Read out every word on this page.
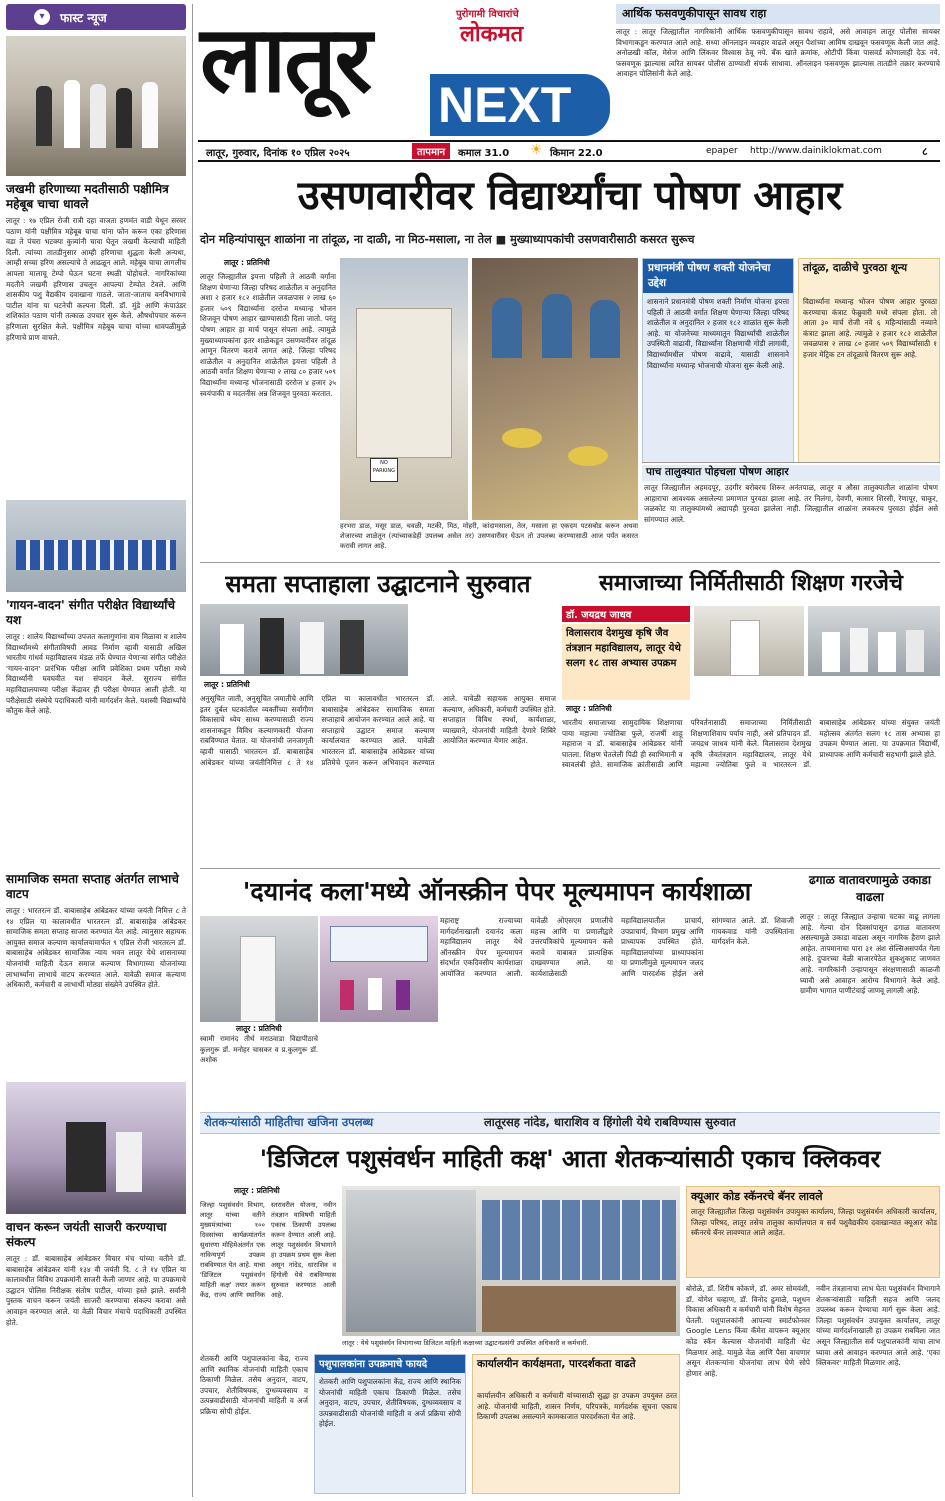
▾	फास्ट न्यूज
जखमी हरिणाच्या मदतीसाठी पक्षीमित्र महेबूब चाचा धावले
लातूर : १७ एप्रिल रोजी रात्री दहा वाजता हणमंत वाडी येथून सरवर पठाण यांनी पक्षीमित्र महेबूब चाचा यांना फोन करून एका हरिणास वडा ते पंचरा भटक्या कुत्र्यांनी चावा घेतून जखमी केल्याची माहिती दिली. त्यांच्या तातडीनुसार आम्ही हरिणाचा शुद्धता केली अन्यथा, आम्ही सच्चा हरिण असल्याचे ते आढळून आले. महेबूब चाचा लागलीच आपला मालाचू टेम्पो घेऊन घटना स्थळी पोहोचले. नागरिकांच्या मदतीने जखमी हरिणास उचलून आपल्या टेम्पोत टेवले. आणि शासकीय पशु वैद्यकीय दवाखाना गाठले. जाता-जाताच वनविभागाचे पाटील यांना या घटनेची कल्पना दिली. डॉ. मुंडे आणि कंपाउंडर शशिकांत पठाण यांनी तत्काळ उपचार सुरू केले. औषधोपचार करून हरिणाला सुरक्षित केले. पक्षीमित्र महेबूब चाचा यांच्या धावपळीमुळे हरिणाचे प्राण वाचले.
'गायन-वादन' संगीत परीक्षेत विद्यार्थ्यांचे यश
लातूर : शालेय विद्यार्थ्यांच्या उपजत कलागुणांना वाव मिळावा व शालेय विद्यार्थ्यांमध्ये संगीताविषयी आवड निर्माण व्हावी यासाठी अखिल भारतीय गांधर्व महाविद्यालय मंडळ तर्फे घेण्यात येणाऱ्या संगीत परीक्षेत 'गायन-वादन' प्रारंभिक परीक्षा आणि प्रवेशिका प्रथम परीक्षा मध्ये विद्यार्थ्यांनी घवघवीत यश संपादन केले. सुराज्य संगीत महाविद्यालयाच्या परीक्षा केंद्रावर ही परीक्षा घेण्यात आली होती. या परीक्षेसाठी संस्थेचे पदाधिकारी यांनी मार्गदर्शन केले. यशस्वी विद्यार्थ्यांचे कौतुक केले आहे.
सामाजिक समता सप्ताह अंतर्गत लाभाचे वाटप
लातूर : भारतरत्न डॉ. बाबासाहेब आंबेडकर यांच्या जयंती निमित्त ८ ते १४ एप्रिल या कालावधीत भारतरत्न डॉ. बाबासाहेब आंबेडकर सामाजिक समता सप्ताह साजरा करण्यात येत आहे. त्यानुसार सहायक आयुक्त समाज कल्याण कार्यालयामार्फत ९ एप्रिल रोजी भारतरत्न डॉ. बाबासाहेब आंबेडकर सामाजिक न्याय भवन लातूर येथे शासनाच्या योजनांची माहिती देऊन समाज कल्याण विभागाच्या योजनांच्या लाभार्थ्यांना लाभाचे वाटप करण्यात आले. यावेळी समाज कल्याण अधिकारी, कर्मचारी व लाभार्थी मोठ्या संख्येने उपस्थित होते.
वाचन करून जयंती साजरी करण्याचा संकल्प
लातूर : डॉ. बाबासाहेब आंबेडकर विचार मंच यांच्या वतीने डॉ. बाबासाहेब आंबेडकर यांनी १३४ वी जयंती दि. ८ ते १४ एप्रिल या कालावधीत विविध उपक्रमांनी साजरी केली जाणार आहे. या उपक्रमाचे उद्घाटन पोलिस निरीक्षक संतोष पाटील, यांच्या हस्ते झाले. सर्वांनी पुस्तक वाचन करून जयंती साजरी करण्याचा संकल्प करावा असे आवाहन करण्यात आले. या वेळी विचार मंचाचे पदाधिकारी उपस्थित होते.
लातूर	पुरोगामी विचारांचे
लोकमत
NEXT
लातूर, गुरुवार, दिनांक १० एप्रिल २०२५	तापमान	कमाल 31.0 ☀ किमान 22.0	epaper http://www.dainiklokmat.com	८
आर्थिक फसवणुकीपासून सावध राहा
लातूर : लातूर जिल्ह्यातील नागरिकांनी आर्थिक फसवणुकीपासून सावध राहावे, असे आवाहन लातूर पोलीस सायबर विभागाकडून करण्यात आले आहे. सध्या ऑनलाइन व्यवहार वाढले असून पैशांच्या आमिष दाखवून फसवणूक केली जात आहे. अनोळखी कॉल, मेसेज आणि लिंकवर विश्वास ठेवू नये. बँक खाते क्रमांक, ओटीपी किंवा पासवर्ड कोणालाही देऊ नये. फसवणूक झाल्यास त्वरित सायबर पोलीस ठाण्याशी संपर्क साधावा. ऑनलाइन फसवणूक झाल्यास तातडीने तक्रार करण्याचे आवाहन पोलिसांनी केले आहे.
उसणवारीवर विद्यार्थ्यांचा पोषण आहार
दोन महिन्यांपासून शाळांना ना तांदूळ, ना दाळी, ना मिठ-मसाला, ना तेल ■ मुख्याध्यापकांची उसणवारीसाठी कसरत सुरूच
लातूर : प्रतिनिधी
लातूर जिल्ह्यातील इयत्ता पहिली ते आठवी वर्गांना शिक्षण घेणाऱ्या जिल्हा परिषद शाळेतील व अनुदानित अशा २ हजार १८२ शाळेतील जवळपास २ लाख ६० हजार ५०९ विद्यार्थ्यांना दररोज मध्यान्ह भोजन शिजवून पोषण आहार खाण्यासाठी दिला जातो. परंतु पोषण आहार हा मार्च पासून संपला आहे. त्यामुळे मुख्याध्यापकांना इतर शाळेकडून उसणवारीवर तांदूळ आणून वितरण करावे लागत आहे. जिल्हा परिषद शाळेतील व अनुदानित शाळेतील इयत्ता पहिली ते आठवी वर्गात शिक्षण घेणाऱ्या २ लाख ८० हजार ५०९ विद्यार्थ्यांना मध्यान्ह भोजनासाठी दररोज ४ हजार ३५ स्वयंपाकी व मदतनीस अन्न शिजवून पुरवठा करतात.
NO
PARKING
हरभरा डाळ, मसूर डाळ, चवळी, मटकी, मिठ, मोहरी, कांदामसाला, तेल, मसाला हा एकदम पटसबोड करून अथवा शेजारच्या शाळेतून (त्यांच्याकडेही उपलब्ध असेल तर) उसणवारीवर घेऊन तो उपलब्ध करण्यासाठी आज पर्यंत कसरत करावी लागत आहे.
प्रधानमंत्री पोषण शक्ती योजनेचा उद्देश
शासनाने प्रधानमंत्री पोषण शक्ती निर्माण योजना इयत्ता पहिली ते आठवी वर्गात शिक्षण घेणाऱ्या जिल्हा परिषद शाळेतील व अनुदानित २ हजार १८२ शाळांत सुरू केली आहे. या योजनेच्या माध्यमातून विद्यार्थ्यांची शाळेतील उपस्थिती वाढावी, विद्यार्थ्यांना शिक्षणाची गोडी लागावी, विद्यार्थ्यांमधील पोषण वाढावे, यासाठी शासनाने विद्यार्थ्यांना मध्यान्ह भोजनाची योजना सुरू केली आहे.
तांदूळ, दाळीचे पुरवठा शून्य
विद्यार्थ्यांना मध्यान्ह भोजन पोषण आहार पुरवठा करण्याचा कंत्राट फेब्रुवारी मध्ये संपला होता. तो आता ३० मार्च रोजी नवे ६ महिन्यांसाठी नव्याने कंत्राट झाला आहे. त्यामुळे २ हजार १८२ शाळेतील जवळपास २ लाख ८० हजार ५०९ विद्यार्थ्यांसाठी १ हजार मेट्रिक टन तांदूळाचे वितरण सुरू आहे.
पाच तालुक्यात पोहचला पोषण आहार
लातूर जिल्ह्यातील अहमदपूर, उदगीर बरोबरच शिरूर अनंतपाळ, लातूर व औसा तालुक्यातील शाळांना पोषण आहाराचा आवश्यक असलेल्या प्रमाणात पुरवठा झाला आहे. तर निलंगा, देवणी, कासार शिरसी, रेणापूर, चाकूर, जळकोट या तालुक्यांमध्ये अद्यापही पुरवठा झालेला नाही. जिल्ह्यातील शाळांना लवकरच पुरवठा होईल असे सांगण्यात आले.
समता सप्ताहाला उद्घाटनाने सुरुवात
लातूर : प्रतिनिधी
अनुसूचित जाती, अनुसूचित जमातीचे आणि इतर दुर्बल घटकांतील व्यक्तींच्या सर्वांगीण विकासाचे ध्येय साध्य करण्यासाठी राज्य शासनाकडून विविध कल्याणकारी योजना राबविण्यात येतात. या योजनांची जनजागृती व्हावी यासाठी भारतरत्न डॉ. बाबासाहेब आंबेडकर यांच्या जयंतीनिमित्त ८ ते १४ एप्रिल या कालावधीत भारतरत्न डॉ. बाबासाहेब आंबेडकर सामाजिक समता सप्ताहाचे आयोजन करण्यात आले आहे. या सप्ताहाचे उद्घाटन समाज कल्याण कार्यालयात करण्यात आले. यावेळी भारतरत्न डॉ. बाबासाहेब आंबेडकर यांच्या प्रतिमेचे पूजन करून अभिवादन करण्यात आले. यावेळी सहायक आयुक्त समाज कल्याण, अधिकारी, कर्मचारी उपस्थित होते. सप्ताहात विविध स्पर्धा, कार्यशाळा, व्याख्याने, योजनांची माहिती देणारे शिबिरे आयोजित करण्यात येणार आहेत.
समाजाच्या निर्मितीसाठी शिक्षण गरजेचे
डॉ. जयद्रथ जाधव
विलासराव देशमुख कृषि जैव तंत्रज्ञान महाविद्यालय, लातूर येथे सलग १८ तास अभ्यास उपक्रम
लातूर : प्रतिनिधी
भारतीय समाजाच्या सामुदायिक शिक्षणाचा पाया महात्मा ज्योतिबा फुले, राजर्षी शाहू महाराज व डॉ. बाबासाहेब आंबेडकर यांनी घातला. शिक्षण घेतलेली पिढी ही स्वाभिमानी व स्वावलंबी होते. सामाजिक क्रांतीसाठी आणि परिवर्तनासाठी समाजाच्या निर्मितीसाठी शिक्षणाशिवाय पर्याय नाही, असे प्रतिपादन डॉ. जयद्रथ जाधव यांनी केले. विलासराव देशमुख कृषि जैवतंत्रज्ञान महाविद्यालय, लातूर येथे महात्मा ज्योतिबा फुले व भारतरत्न डॉ. बाबासाहेब आंबेडकर यांच्या संयुक्त जयंती महोत्सव अंतर्गत सलग १८ तास अभ्यास हा उपक्रम घेण्यात आला. या उपक्रमात विद्यार्थी, प्राध्यापक आणि कर्मचारी सहभागी झाले होते.
'दयानंद कला'मध्ये ऑनस्क्रीन पेपर मूल्यमापन कार्यशाळा
लातूर : प्रतिनिधी
स्वामी रामानंद तीर्थ मराठवाडा विद्यापीठाचे कुलगुरू डॉ. मनोहर चासकर व प्र.कुलगुरू डॉ. अशोक
महाराष्ट्र राज्याच्या मार्गदर्शनाखाली दयानंद कला महाविद्यालय लातूर येथे ऑनस्क्रीन पेपर मूल्यमापन संदर्भात एकदिवसीय कार्यशाळा आयोजित करण्यात आली. यावेळी ओएसएम प्रणालीचे महत्त्व आणि या प्रणालीद्वारे उत्तरपत्रिकांचे मूल्यमापन कसे करावे याबाबत प्रात्यक्षिक दाखवण्यात आले. या कार्यशाळेसाठी महाविद्यालयातील प्राचार्य, उपप्राचार्य, विभाग प्रमुख आणि प्राध्यापक उपस्थित होते. महाविद्यालयांच्या प्राध्यापकांना या प्रणालीमुळे मूल्यमापन जलद आणि पारदर्शक होईल असे सांगण्यात आले. डॉ. शिवाजी गायकवाड यांनी उपस्थितांना मार्गदर्शन केले.
ढगाळ वातावरणामुळे उकाडा वाढला
लातूर : लातूर जिल्ह्यात उन्हाचा चटका वाढू लागला आहे. गेल्या दोन दिवसांपासून ढगाळ वातावरण असल्यामुळे उकाडा वाढला असून नागरिक हैराण झाले आहेत. तापमानाचा पारा ३१ अंश सेल्सिअसपर्यंत गेला आहे. दुपारच्या वेळी बाजारपेठेत शुकशुकाट जाणवत आहे. नागरिकांनी उन्हापासून संरक्षणासाठी काळजी घ्यावी असे आवाहन आरोग्य विभागाने केले आहे. ग्रामीण भागात पाणीटंचाई जाणवू लागली आहे.
शेतकऱ्यांसाठी माहितीचा खजिना उपलब्ध	लातूरसह नांदेड, धाराशिव व हिंगोली येथे राबविण्यास सुरुवात
'डिजिटल पशुसंवर्धन माहिती कक्ष' आता शेतकऱ्यांसाठी एकाच क्लिकवर
लातूर : प्रतिनिधी
जिल्हा पशुसंवर्धन विभाग, लातूर यांच्या वतीने मुख्यमंत्र्यांच्या १०० दिवसांच्या कार्यक्रमांतर्गत सुधारणा मोहिमेअंतर्गत एक नाविन्यपूर्ण उपक्रम राबविण्यात येत आहे. याचा 'डिजिटल पशुसंवर्धन माहिती कक्ष' तयार करून केंद्र, राज्य आणि स्थानिक स्तरावरील योजना, नवीन तंत्रज्ञान याविषयी माहिती एकाच ठिकाणी उपलब्ध करून देण्यात आली आहे. लातूर पशुसंवर्धन विभागाने हा उपक्रम प्रथम सुरू केला असून नांदेड, धाराशिव व हिंगोली येथे राबविण्यास सुरुवात करण्यात आली आहे.
लातूर : येथे पशुसंवर्धन विभागाच्या डिजिटल माहिती कक्षाच्या उद्घाटनप्रसंगी उपस्थित अधिकारी व कर्मचारी.
पशुपालकांना उपक्रमाचे फायदे
शेतकरी आणि पशुपालकांना केंद्र, राज्य आणि स्थानिक योजनांची माहिती एकाच ठिकाणी मिळेल. तसेच अनुदान, वाटप, उपचार, शेतीविषयक, दुग्धव्यवसाय व उत्पन्नवाढीसाठी योजनांची माहिती व अर्ज प्रक्रिया सोपी होईल.
कार्यालयीन कार्यक्षमता, पारदर्शकता वाढते
कार्यालयीन अधिकारी व कर्मचारी यांच्यासाठी सुद्धा हा उपक्रम उपयुक्त ठरत आहे. योजनांची माहिती, शासन निर्णय, परिपत्रके, मार्गदर्शक सूचना एकाच ठिकाणी उपलब्ध असल्याने कामकाजात पारदर्शकता येत आहे.
शेतकरी आणि पशुपालकांना केंद्र, राज्य आणि स्थानिक योजनांची माहिती एकाच ठिकाणी मिळेल. तसेच अनुदान, वाटप, उपचार, शेतीविषयक, दुग्धव्यवसाय व उत्पन्नवाढीसाठी योजनांची माहिती व अर्ज प्रक्रिया सोपी होईल.
क्यूआर कोड स्कॅनरचे बॅनर लावले
लातूर जिल्ह्यातील जिल्हा पशुसंवर्धन उपायुक्त कार्यालय, जिल्हा पशुसंवर्धन अधिकारी कार्यालय, जिल्हा परिषद, लातूर तसेच तालुका कार्यालयात व सर्व पशुवैद्यकीय दवाखान्यात क्यूआर कोड स्कॅनरचे बॅनर लावण्यात आले आहेत.
बोरोळे, डॉ. शिरीष कोकणे, डॉ. अमर सोमवंशी, डॉ. योगेश चव्हाण, डॉ. विनोद ढुमाळे, पशुधन विकास अधिकारी व कर्मचारी यांनी विशेष मेहनत घेतली. पशुपालकांनी आपल्या स्मार्टफोनवर Google Lens किंवा कॅमेरा वापरून क्यूआर कोड स्कॅन केल्यास योजनांची माहिती थेट मिळणार आहे. यामुळे वेळ आणि पैसा वाचणार असून शेतकऱ्यांना योजनांचा लाभ घेणे सोपे होणार आहे.
नवीन तंत्रज्ञानाचा लाभ घेता पशुसंवर्धन विभागाने शेतकऱ्यांसाठी माहिती सहज आणि जलद उपलब्ध करून देण्याचा मार्ग सुरू केला आहे. जिल्हा पशुसंवर्धन उपायुक्त कार्यालय, लातूर यांच्या मार्गदर्शनाखाली हा उपक्रम राबविला जात असून जिल्ह्यातील सर्व पशुपालकांनी याचा लाभ घ्यावा असे आवाहन करण्यात आले आहे. 'एका क्लिकवर' माहिती मिळणार आहे.
